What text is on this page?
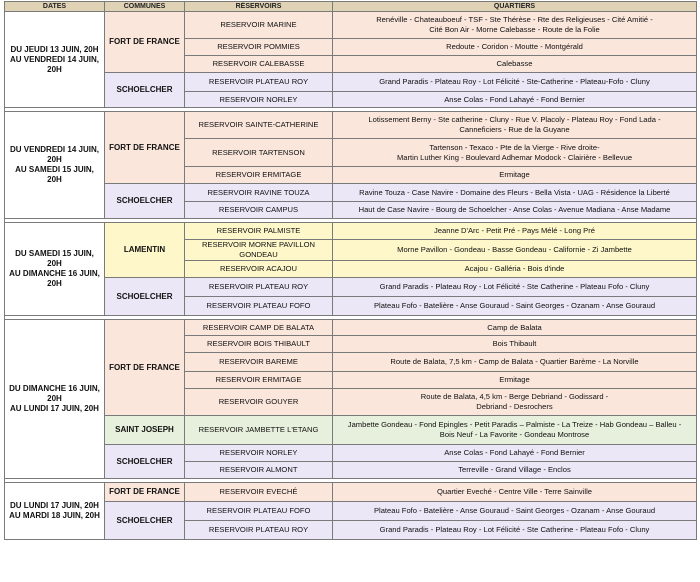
DATES	COMMUNES	RÉSERVOIRS	QUARTIERS

DU JEUDI 13 JUIN, 20H
AU VENDREDI 14 JUIN,
20H	FORT DE FRANCE	RESERVOIR MARINE	Renéville - Chateauboeuf - TSF - Ste Thérèse - Rte des Religieuses - Cité Amitié -
Cité Bon Air - Morne Calebasse - Route de la Folie

		RESERVOIR POMMIES	Redoute - Coridon - Moutte - Montgérald

		RESERVOIR CALEBASSE	Calebasse

	SCHOELCHER	RESERVOIR PLATEAU ROY	Grand Paradis - Plateau Roy - Lot Félicité - Ste-Catherine - Plateau-Fofo - Cluny

		RESERVOIR NORLEY	Anse Colas - Fond Lahayé - Fond Bernier

DU VENDREDI 14 JUIN,
20H
AU SAMEDI 15 JUIN, 20H	FORT DE FRANCE	RESERVOIR SAINTE-CATHERINE	Lotissement Berny - Ste catherine - Cluny - Rue V. Placoly - Plateau Roy - Fond Lada -
Canneficiers - Rue de la Guyane

		RESERVOIR TARTENSON	Tartenson - Texaco - Pte de la Vierge - Rive droite-
Martin Luther King - Boulevard Adhemar Modock - Clairière - Bellevue

		RESERVOIR ERMITAGE	Ermitage

	SCHOELCHER	RESERVOIR RAVINE TOUZA	Ravine Touza - Case Navire - Domaine des Fleurs - Bella Vista - UAG - Résidence la Liberté

		RESERVOIR CAMPUS	Haut de Case Navire - Bourg de Schoelcher - Anse Colas - Avenue Madiana - Anse Madame

DU SAMEDI 15 JUIN, 20H
AU DIMANCHE 16 JUIN,
20H	LAMENTIN	RESERVOIR PALMISTE	Jeanne D'Arc - Petit Pré - Pays Mélé - Long Pré

		RESERVOIR MORNE PAVILLON GONDEAU	Morne Pavillon - Gondeau - Basse Gondeau - Californie - Zi Jambette

		RESERVOIR ACAJOU	Acajou - Galléria - Bois d'inde

	SCHOELCHER	RESERVOIR PLATEAU ROY	Grand Paradis - Plateau Roy - Lot Félicité - Ste Catherine - Plateau Fofo - Cluny

		RESERVOIR PLATEAU FOFO	Plateau Fofo - Batelière - Anse Gouraud - Saint Georges - Ozanam - Anse Gouraud

DU DIMANCHE 16 JUIN,
20H
AU LUNDI 17 JUIN, 20H	FORT DE FRANCE	RESERVOIR CAMP DE BALATA	Camp de Balata

		RESERVOIR BOIS THIBAULT	Bois Thibault

		RESERVOIR BAREME	Route de Balata, 7,5 km - Camp de Balata - Quartier Barème - La Norville

		RESERVOIR ERMITAGE	Ermitage

		RESERVOIR GOUYER	Route de Balata, 4,5 km - Berge Debriand - Godissard -
Debriand - Desrochers

	SAINT JOSEPH	RESERVOIR JAMBETTE L'ETANG	Jambette Gondeau - Fond Epingles - Petit Paradis – Palmiste - La Treize - Hab Gondeau – Balleu -
Bois Neuf - La Favorite - Gondeau Montrose

	SCHOELCHER	RESERVOIR NORLEY	Anse Colas - Fond Lahayé - Fond Bernier

		RESERVOIR ALMONT	Terreville - Grand Village - Enclos

DU LUNDI 17 JUIN, 20H
AU MARDI 18 JUIN, 20H	FORT DE FRANCE	RESERVOIR EVECHÉ	Quartier Eveché - Centre Ville - Terre Sainville

	SCHOELCHER	RESERVOIR PLATEAU FOFO	Plateau Fofo - Batelière - Anse Gouraud - Saint Georges - Ozanam - Anse Gouraud

		RESERVOIR PLATEAU ROY	Grand Paradis - Plateau Roy - Lot Félicité - Ste Catherine - Plateau Fofo - Cluny
